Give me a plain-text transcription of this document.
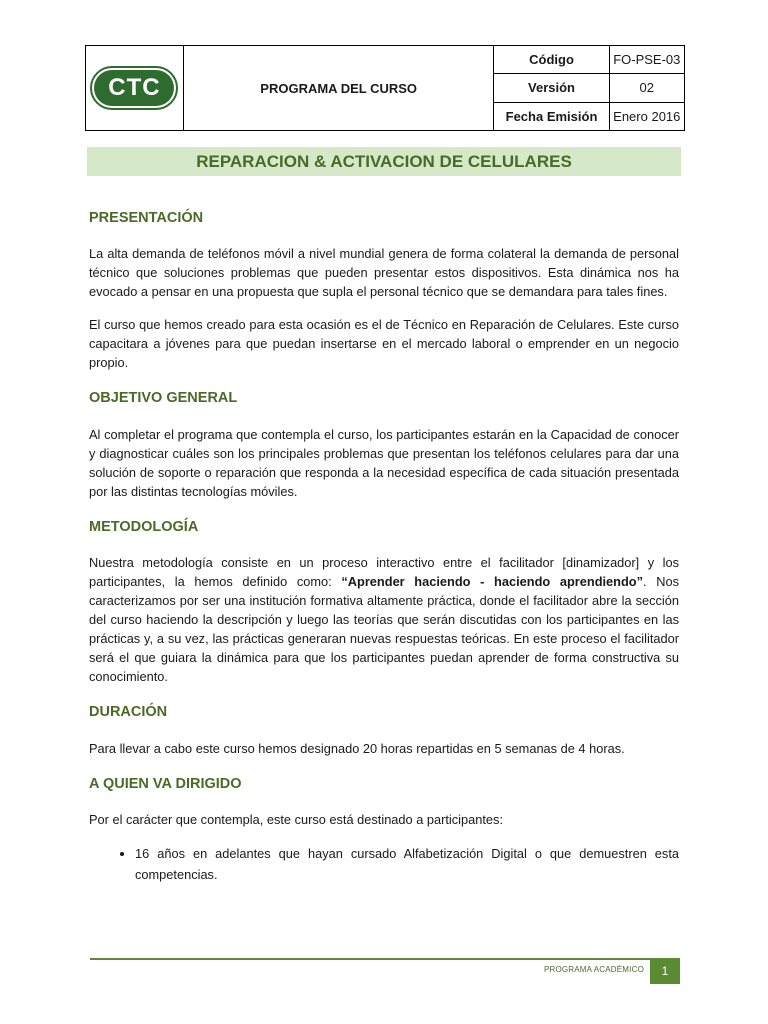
CTC	PROGRAMA DEL CURSO	Código	FO-PSE-03
		Versión	02
		Fecha Emisión	Enero 2016
REPARACION & ACTIVACION DE CELULARES
PRESENTACIÓN

La alta demanda de teléfonos móvil a nivel mundial genera de forma colateral la demanda de personal técnico que soluciones problemas que pueden presentar estos dispositivos. Esta dinámica nos ha evocado a pensar en una propuesta que supla el personal técnico que se demandara para tales fines.

El curso que hemos creado para esta ocasión es el de Técnico en Reparación de Celulares. Este curso capacitara a jóvenes para que puedan insertarse en el mercado laboral o emprender en un negocio propio.

OBJETIVO GENERAL

Al completar el programa que contempla el curso, los participantes estarán en la Capacidad de conocer y diagnosticar cuáles son los principales problemas que presentan los teléfonos celulares para dar una solución de soporte o reparación que responda a la necesidad específica de cada situación presentada por las distintas tecnologías móviles.

METODOLOGÍA

Nuestra metodología consiste en un proceso interactivo entre el facilitador [dinamizador] y los participantes, la hemos definido como: “Aprender haciendo - haciendo aprendiendo”. Nos caracterizamos por ser una institución formativa altamente práctica, donde el facilitador abre la sección del curso haciendo la descripción y luego las teorías que serán discutidas con los participantes en las prácticas y, a su vez, las prácticas generaran nuevas respuestas teóricas. En este proceso el facilitador será el que guiara la dinámica para que los participantes puedan aprender de forma constructiva su conocimiento.

DURACIÓN

Para llevar a cabo este curso hemos designado 20 horas repartidas en 5 semanas de 4 horas.

A QUIEN VA DIRIGIDO

Por el carácter que contempla, este curso está destinado a participantes:

• 16 años en adelantes que hayan cursado Alfabetización Digital o que demuestren esta competencias.
PROGRAMA ACADÉMICO	1
